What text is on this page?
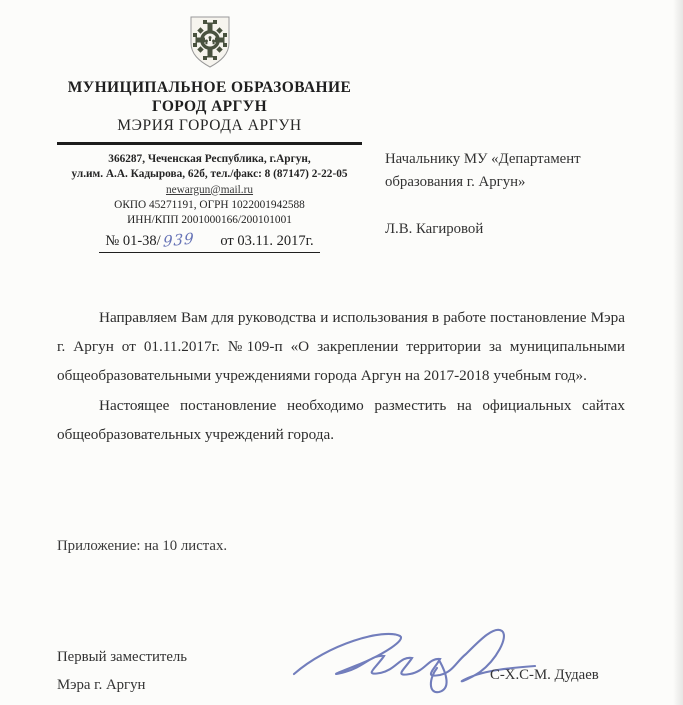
МУНИЦИПАЛЬНОЕ ОБРАЗОВАНИЕ
ГОРОД АРГУН
МЭРИЯ ГОРОДА АРГУН
366287, Чеченская Республика, г.Аргун,
ул.им. А.А. Кадырова, 62б, тел./факс: 8 (87147) 2-22-05
newargun@mail.ru
ОКПО 45271191, ОГРН 1022001942588
ИНН/КПП 2001000166/200101001
№ 01-38/ 939 от 03.11. 2017г.
Начальнику МУ «Департамент
образования г. Аргун»
Л.В. Кагировой

Направляем Вам для руководства и использования в работе постановление Мэра г. Аргун от 01.11.2017г. №109-п «О закреплении территории за муниципальными общеобразовательными учреждениями города Аргун на 2017-2018 учебным год».

Настоящее постановление необходимо разместить на официальных сайтах общеобразовательных учреждений города.

Приложение: на 10 листах.
Первый заместитель
Мэра г. Аргун
С-Х.С-М. Дудаев
